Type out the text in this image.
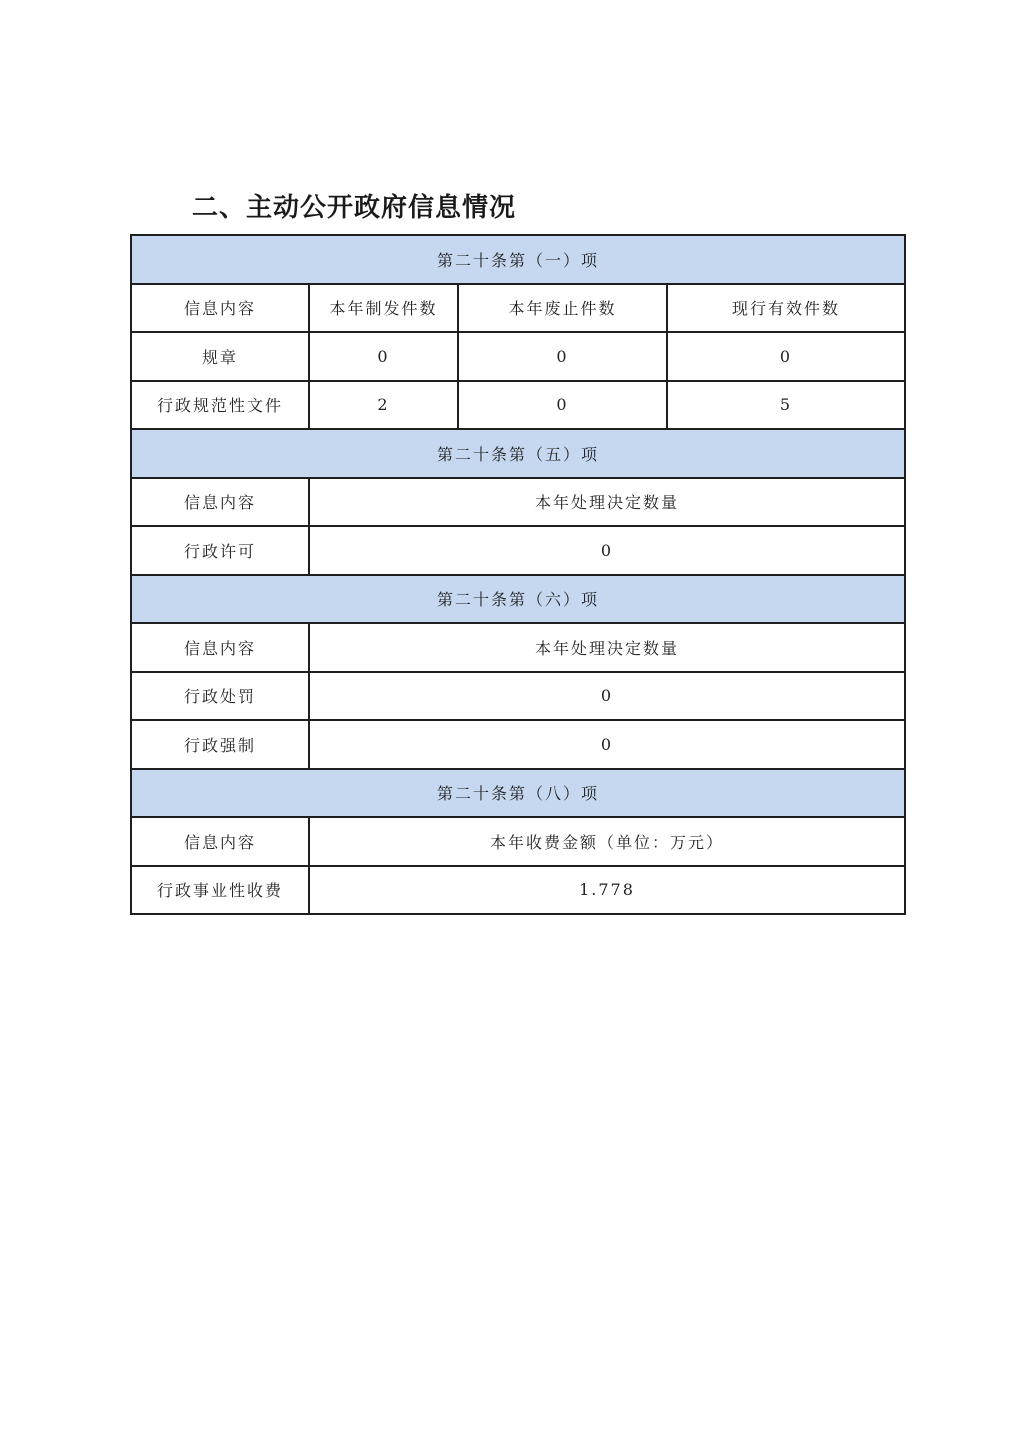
二、主动公开政府信息情况
第二十条第（一）项			
信息内容	本年制发件数	本年废止件数	现行有效件数
规章	0	0	0
行政规范性文件	2	0	5
第二十条第（五）项			
信息内容	本年处理决定数量		
行政许可	0		
第二十条第（六）项			
信息内容	本年处理决定数量		
行政处罚	0		
行政强制	0		
第二十条第（八）项			
信息内容	本年收费金额（单位：万元）		
行政事业性收费	1.778		
